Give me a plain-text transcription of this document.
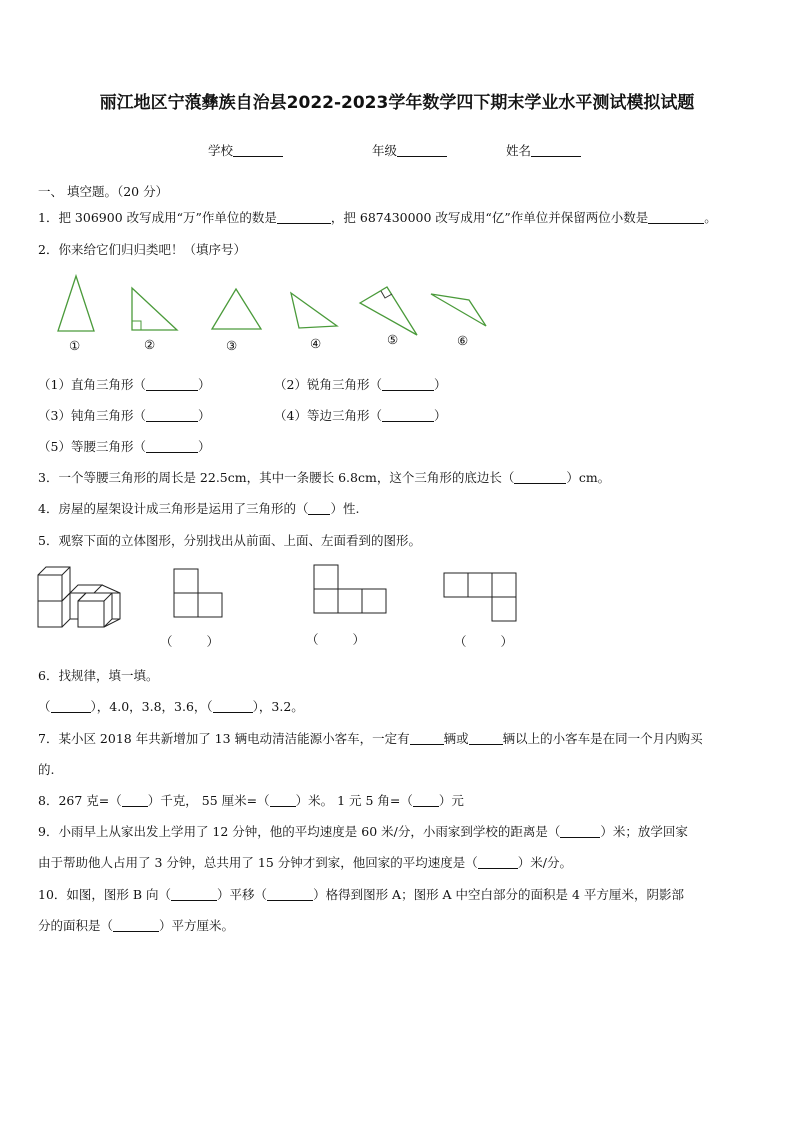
丽江地区宁蒗彝族自治县2022-2023学年数学四下期末学业水平测试模拟试题
学校	年级	姓名
一、 填空题。（20 分）
1．把 306900 改写成用“万”作单位的数是	，把 687430000 改写成用“亿”作单位并保留两位小数是	。
2．你来给它们归归类吧！（填序号）
①	②	③	④	⑤	⑥
（1）直角三角形（	）	（2）锐角三角形（	）
（3）钝角三角形（	）	（4）等边三角形（	）
（5）等腰三角形（	）
3．一个等腰三角形的周长是 22.5cm，其中一条腰长 6.8cm，这个三角形的底边长（	）cm。
4．房屋的屋架设计成三角形是运用了三角形的（ ）性.
5．观察下面的立体图形，分别找出从前面、上面、左面看到的图形。
（	）	（	）	（	）
6．找规律，填一填。
（	），4.0，3.8，3.6，（	），3.2。
7．某小区 2018 年共新增加了 13 辆电动清洁能源小客车，一定有	辆或	辆以上的小客车是在同一个月内购买
的.
8．267 克=（ ）千克， 55 厘米=（ ）米。 1 元 5 角=（ ）元
9．小雨早上从家出发上学用了 12 分钟，他的平均速度是 60 米/分，小雨家到学校的距离是（	）米；放学回家
由于帮助他人占用了 3 分钟，总共用了 15 分钟才到家，他回家的平均速度是（	）米/分。
10．如图，图形 B 向（	）平移（	）格得到图形 A；图形 A 中空白部分的面积是 4 平方厘米，阴影部
分的面积是（	）平方厘米。
